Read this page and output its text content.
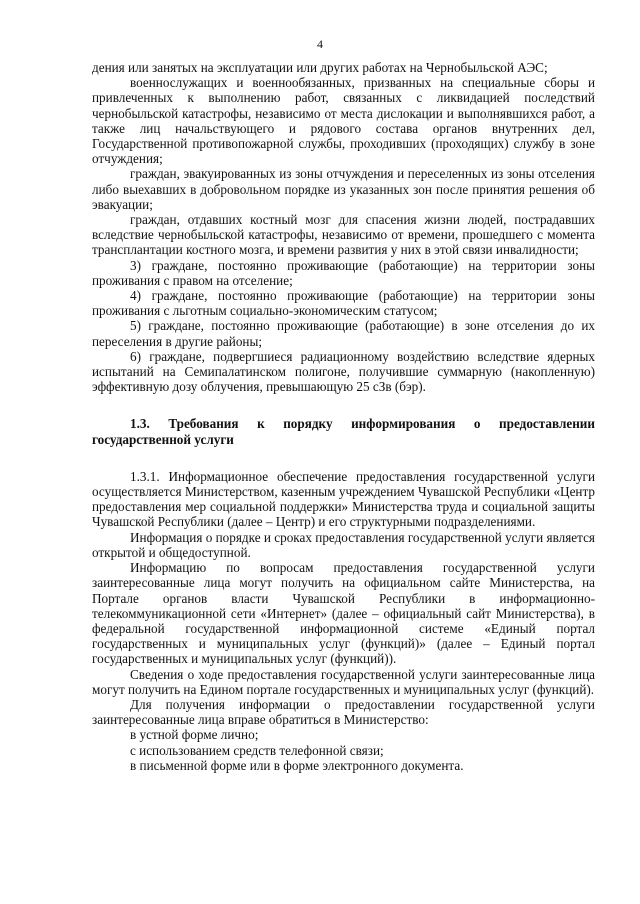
4

дения или занятых на эксплуатации или других работах на Чернобыльской АЭС;

военнослужащих и военнообязанных, призванных на специальные сборы и привлеченных к выполнению работ, связанных с ликвидацией последствий чернобыльской катастрофы, независимо от места дислокации и выполнявшихся работ, а также лиц начальствующего и рядового состава органов внутренних дел, Государственной противопожарной службы, проходивших (проходящих) службу в зоне отчуждения;

граждан, эвакуированных из зоны отчуждения и переселенных из зоны отселения либо выехавших в добровольном порядке из указанных зон после принятия решения об эвакуации;

граждан, отдавших костный мозг для спасения жизни людей, пострадавших вследствие чернобыльской катастрофы, независимо от времени, прошедшего с момента трансплантации костного мозга, и времени развития у них в этой связи инвалидности;

3) граждане, постоянно проживающие (работающие) на территории зоны проживания с правом на отселение;

4) граждане, постоянно проживающие (работающие) на территории зоны проживания с льготным социально-экономическим статусом;

5) граждане, постоянно проживающие (работающие) в зоне отселения до их переселения в другие районы;

6) граждане, подвергшиеся радиационному воздействию вследствие ядерных испытаний на Семипалатинском полигоне, получившие суммарную (накопленную) эффективную дозу облучения, превышающую 25 сЗв (бэр).

1.3. Требования к порядку информирования о предоставлении государственной услуги

1.3.1. Информационное обеспечение предоставления государственной услуги осуществляется Министерством, казенным учреждением Чувашской Республики «Центр предоставления мер социальной поддержки» Министерства труда и социальной защиты Чувашской Республики (далее – Центр) и его структурными подразделениями.

Информация о порядке и сроках предоставления государственной услуги является открытой и общедоступной.

Информацию по вопросам предоставления государственной услуги заинтересованные лица могут получить на официальном сайте Министерства, на Портале органов власти Чувашской Республики в информационно-телекоммуникационной сети «Интернет» (далее – официальный сайт Министерства), в федеральной государственной информационной системе «Единый портал государственных и муниципальных услуг (функций)» (далее – Единый портал государственных и муниципальных услуг (функций)).

Сведения о ходе предоставления государственной услуги заинтересованные лица могут получить на Едином портале государственных и муниципальных услуг (функций).

Для получения информации о предоставлении государственной услуги заинтересованные лица вправе обратиться в Министерство:

в устной форме лично;

с использованием средств телефонной связи;

в письменной форме или в форме электронного документа.
